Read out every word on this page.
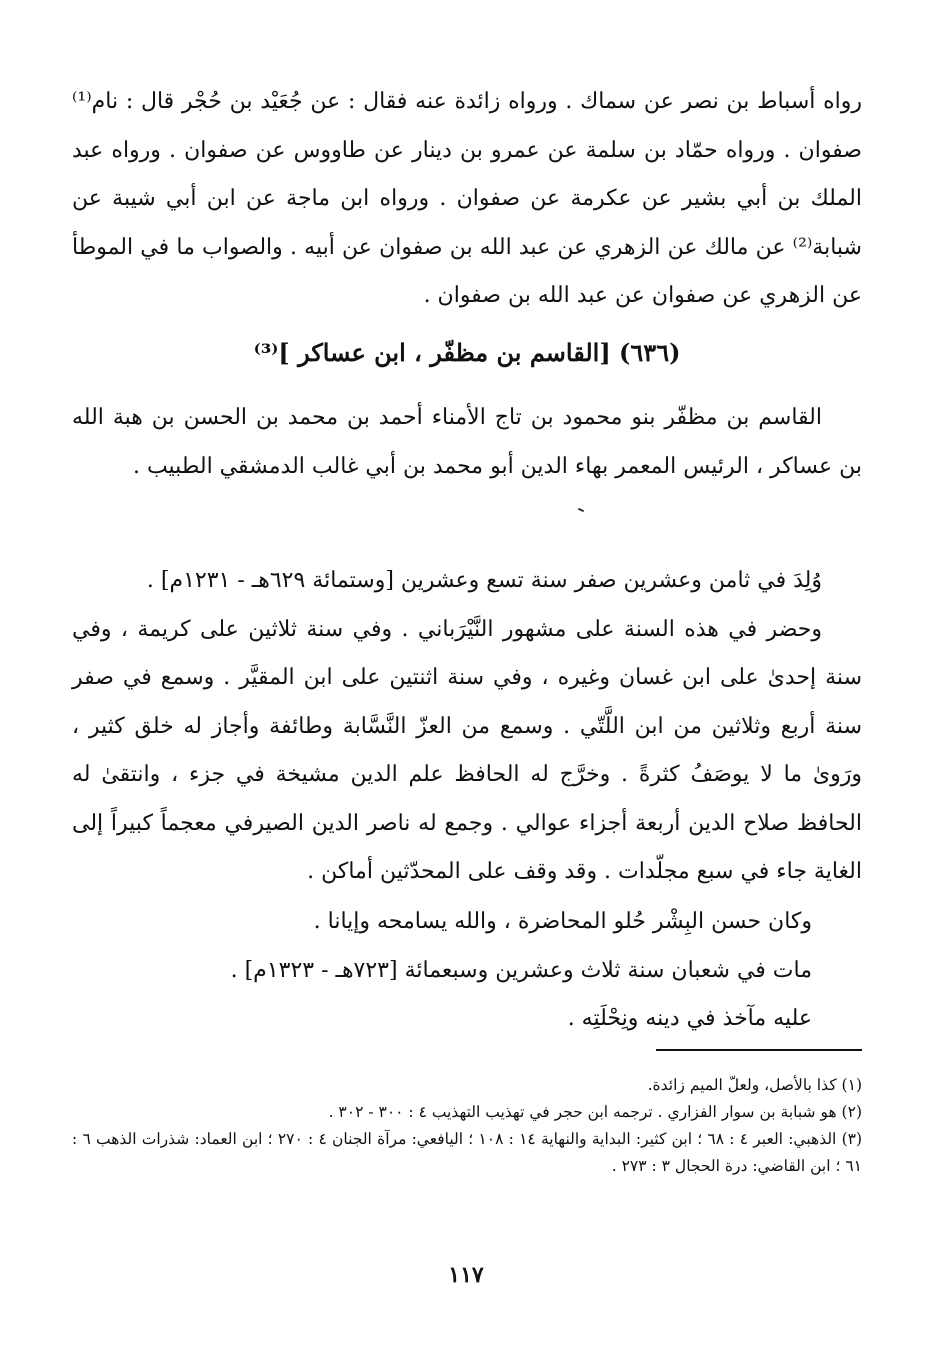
رواه أسباط بن نصر عن سماك . ورواه زائدة عنه فقال : عن جُعَيْد بن حُجْر قال : نام⁽¹⁾ صفوان . ورواه حمّاد بن سلمة عن عمرو بن دينار عن طاووس عن صفوان . ورواه عبد الملك بن أبي بشير عن عكرمة عن صفوان . ورواه ابن ماجة عن ابن أبي شيبة عن شبابة⁽²⁾ عن مالك عن الزهري عن عبد الله بن صفوان عن أبيه . والصواب ما في الموطأ عن الزهري عن صفوان عن عبد الله بن صفوان .
(٦٣٦) [القاسم بن مظفّر ، ابن عساكر ]⁽³⁾
القاسم بن مظفّر بنو محمود بن تاج الأمناء أحمد بن محمد بن الحسن بن هبة الله بن عساكر ، الرئيس المعمر بهاء الدين أبو محمد بن أبي غالب الدمشقي الطبيب .

وُلِدَ في ثامن وعشرين صفر سنة تسع وعشرين [وستمائة ٦٢٩هـ - ١٢٣١م] .

وحضر في هذه السنة على مشهور النَّيْرَباني . وفي سنة ثلاثين على كريمة ، وفي سنة إحدىٰ على ابن غسان وغيره ، وفي سنة اثنتين على ابن المقيَّر . وسمع في صفر سنة أربع وثلاثين من ابن اللَّتّي . وسمع من العزّ النَّسَّابة وطائفة وأجاز له خلق كثير ، ورَوىٰ ما لا يوصَفُ كثرةً . وخرَّج له الحافظ علم الدين مشيخة في جزء ، وانتقىٰ له الحافظ صلاح الدين أربعة أجزاء عوالي . وجمع له ناصر الدين الصيرفي معجماً كبيراً إلى الغاية جاء في سبع مجلّدات . وقد وقف على المحدّثين أماكن .

وكان حسن البِشْر حُلو المحاضرة ، والله يسامحه وإيانا .

مات في شعبان سنة ثلاث وعشرين وسبعمائة [٧٢٣هـ - ١٣٢٣م] .

عليه مآخذ في دينه ونِحْلَتِه .

(١) كذا بالأصل، ولعلّ الميم زائدة.

(٢) هو شبابة بن سوار الفزاري . ترجمه ابن حجر في تهذيب التهذيب ٤ : ٣٠٠ - ٣٠٢ .

(٣) الذهبي: العبر ٤ : ٦٨ ؛ ابن كثير: البداية والنهاية ١٤ : ١٠٨ ؛ اليافعي: مرآة الجنان ٤ : ٢٧٠ ؛ ابن العماد: شذرات الذهب ٦ : ٦١ ؛ ابن القاضي: درة الحجال ٣ : ٢٧٣ .

١١٧
